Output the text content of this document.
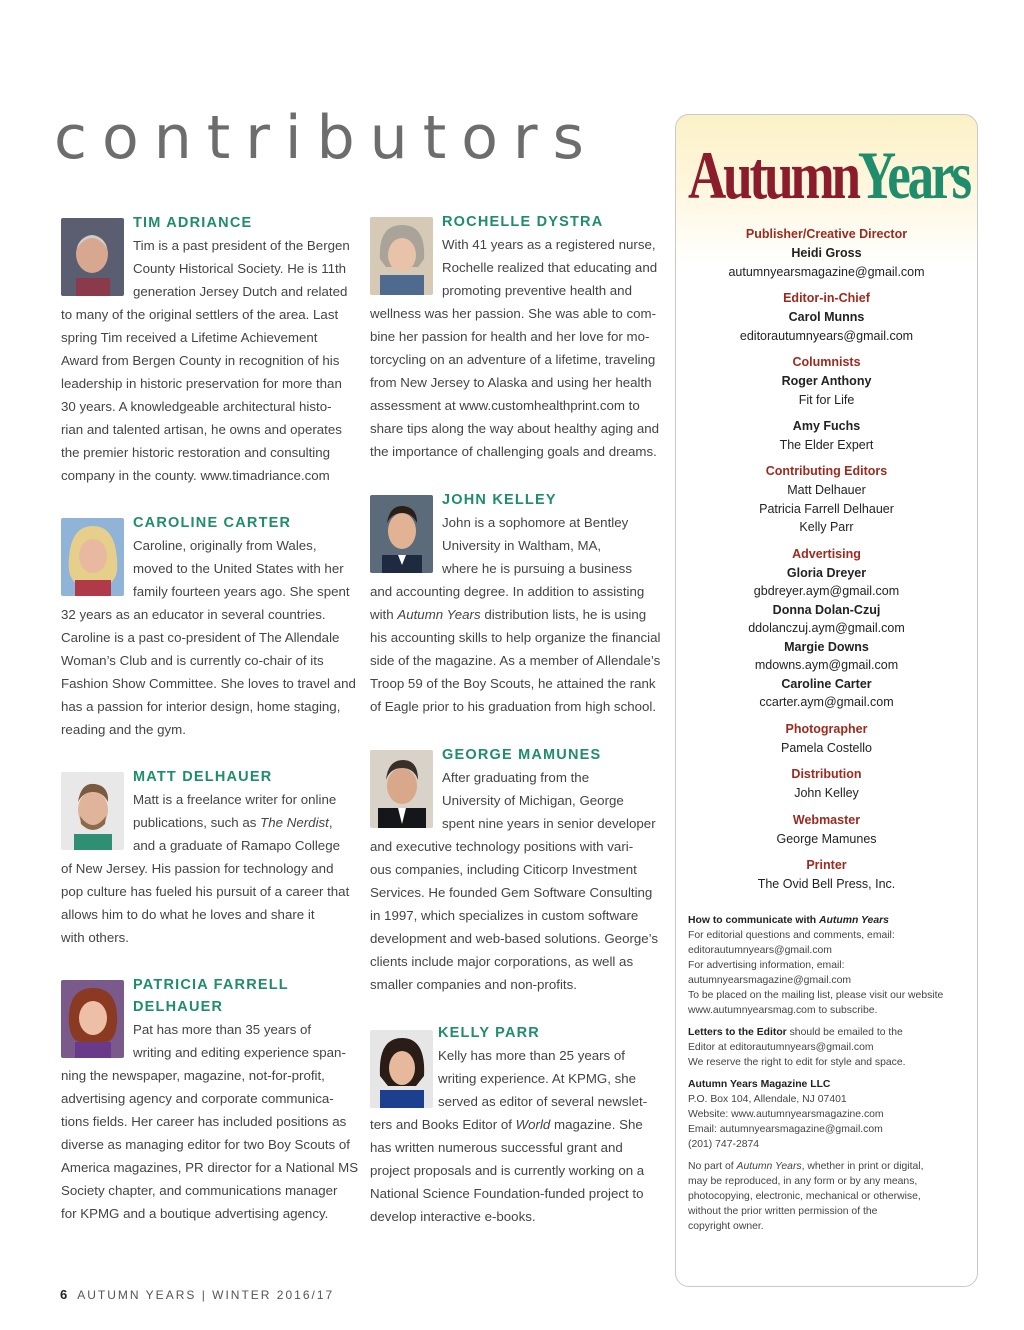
contributors
TIM ADRIANCE
Tim is a past president of the Bergen
County Historical Society. He is 11th
generation Jersey Dutch and related
to many of the original settlers of the area. Last
spring Tim received a Lifetime Achievement
Award from Bergen County in recognition of his
leadership in historic preservation for more than
30 years. A knowledgeable architectural histo-
rian and talented artisan, he owns and operates
the premier historic restoration and consulting
company in the county. www.timadriance.com
CAROLINE CARTER
Caroline, originally from Wales,
moved to the United States with her
family fourteen years ago. She spent
32 years as an educator in several countries.
Caroline is a past co-president of The Allendale
Woman’s Club and is currently co-chair of its
Fashion Show Committee. She loves to travel and
has a passion for interior design, home staging,
reading and the gym.
MATT DELHAUER
Matt is a freelance writer for online
publications, such as The Nerdist,
and a graduate of Ramapo College
of New Jersey. His passion for technology and
pop culture has fueled his pursuit of a career that
allows him to do what he loves and share it
with others.
PATRICIA FARRELL
DELHAUER
Pat has more than 35 years of
writing and editing experience span-
ning the newspaper, magazine, not-for-profit,
advertising agency and corporate communica-
tions fields. Her career has included positions as
diverse as managing editor for two Boy Scouts of
America magazines, PR director for a National MS
Society chapter, and communications manager
for KPMG and a boutique advertising agency.
ROCHELLE DYSTRA
With 41 years as a registered nurse,
Rochelle realized that educating and
promoting preventive health and
wellness was her passion. She was able to com-
bine her passion for health and her love for mo-
torcycling on an adventure of a lifetime, traveling
from New Jersey to Alaska and using her health
assessment at www.customhealthprint.com to
share tips along the way about healthy aging and
the importance of challenging goals and dreams.
JOHN KELLEY
John is a sophomore at Bentley
University in Waltham, MA,
where he is pursuing a business
and accounting degree. In addition to assisting
with Autumn Years distribution lists, he is using
his accounting skills to help organize the financial
side of the magazine. As a member of Allendale’s
Troop 59 of the Boy Scouts, he attained the rank
of Eagle prior to his graduation from high school.
GEORGE MAMUNES
After graduating from the
University of Michigan, George
spent nine years in senior developer
and executive technology positions with vari-
ous companies, including Citicorp Investment
Services. He founded Gem Software Consulting
in 1997, which specializes in custom software
development and web-based solutions. George’s
clients include major corporations, as well as
smaller companies and non-profits.
KELLY PARR
Kelly has more than 25 years of
writing experience. At KPMG, she
served as editor of several newslet-
ters and Books Editor of World magazine. She
has written numerous successful grant and
project proposals and is currently working on a
National Science Foundation-funded project to
develop interactive e-books.
AutumnYears
Publisher/Creative Director
Heidi Gross
autumnyearsmagazine@gmail.com
Editor-in-Chief
Carol Munns
editorautumnyears@gmail.com
Columnists
Roger Anthony
Fit for Life
Amy Fuchs
The Elder Expert
Contributing Editors
Matt Delhauer
Patricia Farrell Delhauer
Kelly Parr
Advertising
Gloria Dreyer
gbdreyer.aym@gmail.com
Donna Dolan-Czuj
ddolanczuj.aym@gmail.com
Margie Downs
mdowns.aym@gmail.com
Caroline Carter
ccarter.aym@gmail.com
Photographer
Pamela Costello
Distribution
John Kelley
Webmaster
George Mamunes
Printer
The Ovid Bell Press, Inc.

How to communicate with Autumn Years
For editorial questions and comments, email:
editorautumnyears@gmail.com
For advertising information, email:
autumnyearsmagazine@gmail.com
To be placed on the mailing list, please visit our website
www.autumnyearsmag.com to subscribe.

Letters to the Editor should be emailed to the
Editor at editorautumnyears@gmail.com
We reserve the right to edit for style and space.

Autumn Years Magazine LLC
P.O. Box 104, Allendale, NJ 07401
Website: www.autumnyearsmagazine.com
Email: autumnyearsmagazine@gmail.com
(201) 747-2874

No part of Autumn Years, whether in print or digital,
may be reproduced, in any form or by any means,
photocopying, electronic, mechanical or otherwise,
without the prior written permission of the
copyright owner.

6 AUTUMN YEARS | WINTER 2016/17
